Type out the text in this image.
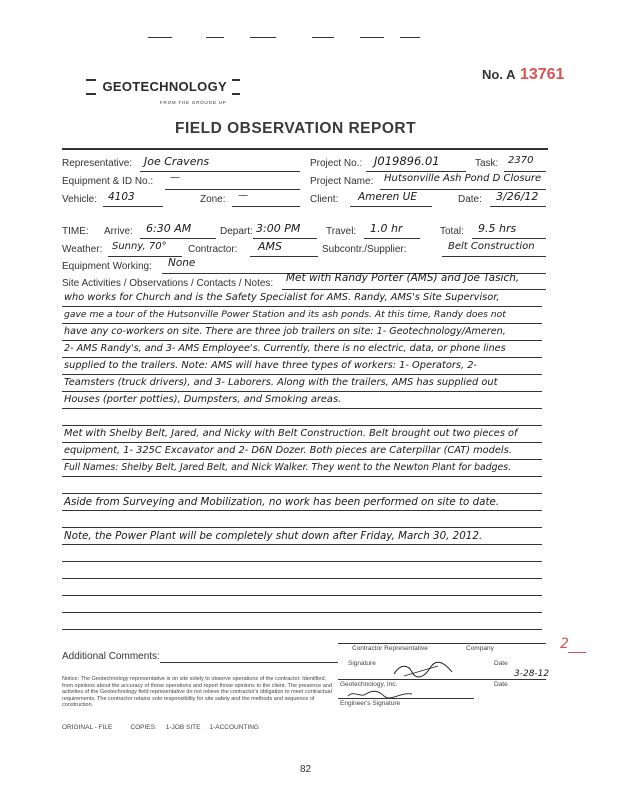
No. A 13761
GEOTECHNOLOGY
FROM THE GROUND UP
FIELD OBSERVATION REPORT
Representative: Joe Cravens	Project No.: J019896.01	Task: 2370
Equipment & ID No.: —	Project Name: Hutsonville Ash Pond D Closure
Vehicle: 4103	Zone: —	Client: Ameren UE	Date: 3/26/12
TIME: Arrive: 6:30 AM	Depart: 3:00 PM	Travel: 1.0 hr	Total: 9.5 hrs
Weather: Sunny, 70° Contractor: AMS	Subcontr./Supplier:	Belt Construction
Equipment Working: None
Site Activities / Observations / Contacts / Notes: Met with Randy Porter (AMS) and Joe Tasich,
who works for Church and is the Safety Specialist for AMS. Randy, AMS's Site Supervisor,
gave me a tour of the Hutsonville Power Station and its ash ponds. At this time, Randy does not
have any co-workers on site. There are three job trailers on site: 1- Geotechnology/Ameren,
2- AMS Randy's, and 3- AMS Employee's. Currently, there is no electric, data, or phone lines
supplied to the trailers. Note: AMS will have three types of workers: 1- Operators, 2-
Teamsters (truck drivers), and 3- Laborers. Along with the trailers, AMS has supplied out
Houses (porter potties), Dumpsters, and Smoking areas.
Met with Shelby Belt, Jared, and Nicky with Belt Construction. Belt brought out two pieces of
equipment, 1- 325C Excavator and 2- D6N Dozer. Both pieces are Caterpillar (CAT) models.
Full Names: Shelby Belt, Jared Belt, and Nick Walker. They went to the Newton Plant for badges.
Aside from Surveying and Mobilization, no work has been performed on site to date.
Note, the Power Plant will be completely shut down after Friday, March 30, 2012.
Contractor Representative	Company	2
Additional Comments:
Signature	Date
3-28-12
Geotechnology, Inc.	Date
Engineer's Signature
Notice: The Geotechnology representative is on site solely to observe operations of the contractor. Identified, from opinions about the accuracy of those operations and report those opinions to the client. The presence and activities of the Geotechnology field representative do not relieve the contractor's obligation to meet contractual requirements. The contractor retains sole responsibility for site safety and the methods and sequence of construction.
ORIGINAL - FILE          COPIES:     1-JOB SITE     1-ACCOUNTING
82
